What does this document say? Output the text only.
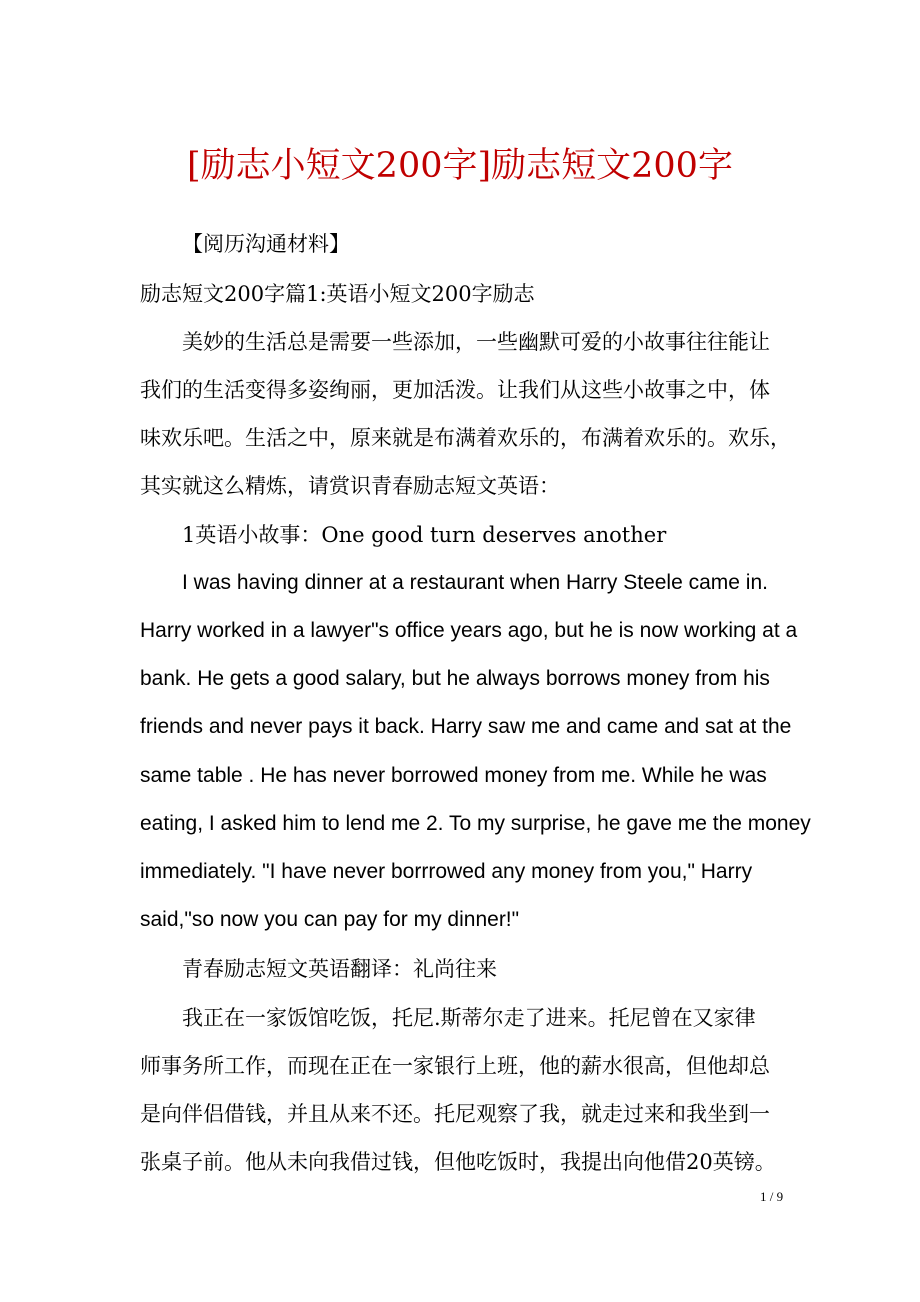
[励志小短文200字]励志短文200字
【阅历沟通材料】
励志短文200字篇1:英语小短文200字励志
美妙的生活总是需要一些添加，一些幽默可爱的小故事往往能让
我们的生活变得多姿绚丽，更加活泼。让我们从这些小故事之中，体
味欢乐吧。生活之中，原来就是布满着欢乐的，布满着欢乐的。欢乐，
其实就这么精炼，请赏识青春励志短文英语：
1英语小故事：One good turn deserves another
I was having dinner at a restaurant when Harry Steele came in.
Harry worked in a lawyer"s office years ago, but he is now working at a
bank. He gets a good salary, but he always borrows money from his
friends and never pays it back. Harry saw me and came and sat at the
same table . He has never borrowed money from me. While he was
eating, I asked him to lend me 2. To my surprise, he gave me the money
immediately. "I have never borrrowed any money from you," Harry
said,"so now you can pay for my dinner!"
青春励志短文英语翻译：礼尚往来
我正在一家饭馆吃饭，托尼.斯蒂尔走了进来。托尼曾在又家律
师事务所工作，而现在正在一家银行上班，他的薪水很高，但他却总
是向伴侣借钱，并且从来不还。托尼观察了我，就走过来和我坐到一
张桌子前。他从未向我借过钱，但他吃饭时，我提出向他借20英镑。
1 / 9
